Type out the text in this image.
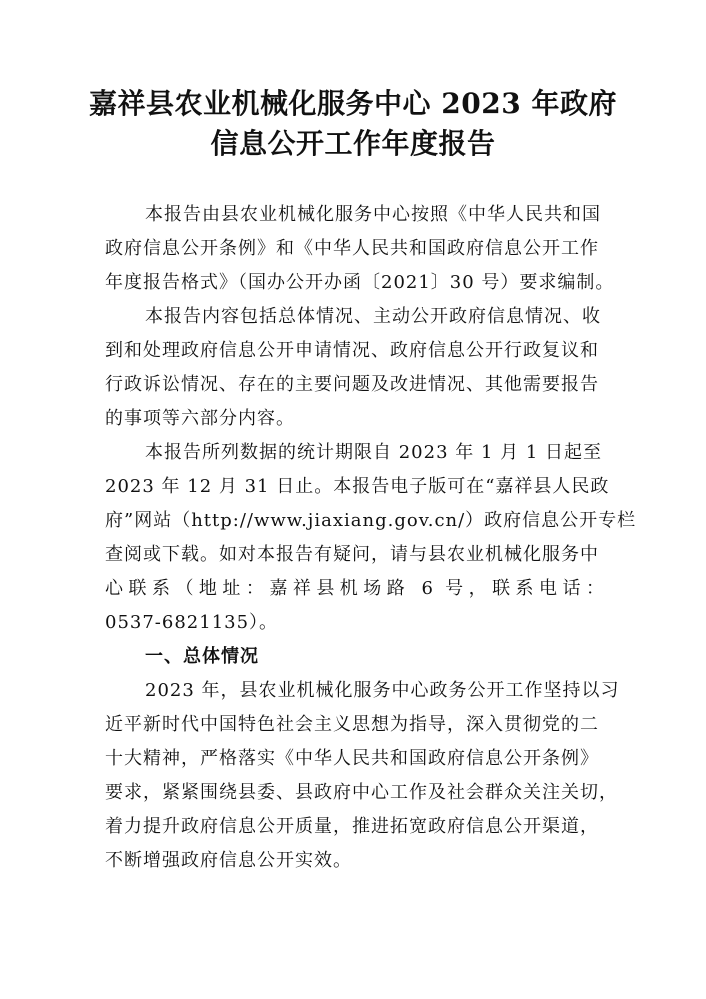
嘉祥县农业机械化服务中心 2023 年政府
信息公开工作年度报告
本报告由县农业机械化服务中心按照《中华人民共和国
政府信息公开条例》和《中华人民共和国政府信息公开工作
年度报告格式》（国办公开办函〔2021〕30 号）要求编制。
本报告内容包括总体情况、主动公开政府信息情况、收
到和处理政府信息公开申请情况、政府信息公开行政复议和
行政诉讼情况、存在的主要问题及改进情况、其他需要报告
的事项等六部分内容。
本报告所列数据的统计期限自 2023 年 1 月 1 日起至
2023 年 12 月 31 日止。本报告电子版可在“嘉祥县人民政
府”网站（http://www.jiaxiang.gov.cn/）政府信息公开专栏
查阅或下载。如对本报告有疑问，请与县农业机械化服务中
心联系（地址：嘉祥县机场路 6 号，联系电话：
0537-6821135）。
一、总体情况
2023 年，县农业机械化服务中心政务公开工作坚持以习
近平新时代中国特色社会主义思想为指导，深入贯彻党的二
十大精神，严格落实《中华人民共和国政府信息公开条例》
要求，紧紧围绕县委、县政府中心工作及社会群众关注关切，
着力提升政府信息公开质量，推进拓宽政府信息公开渠道，
不断增强政府信息公开实效。
